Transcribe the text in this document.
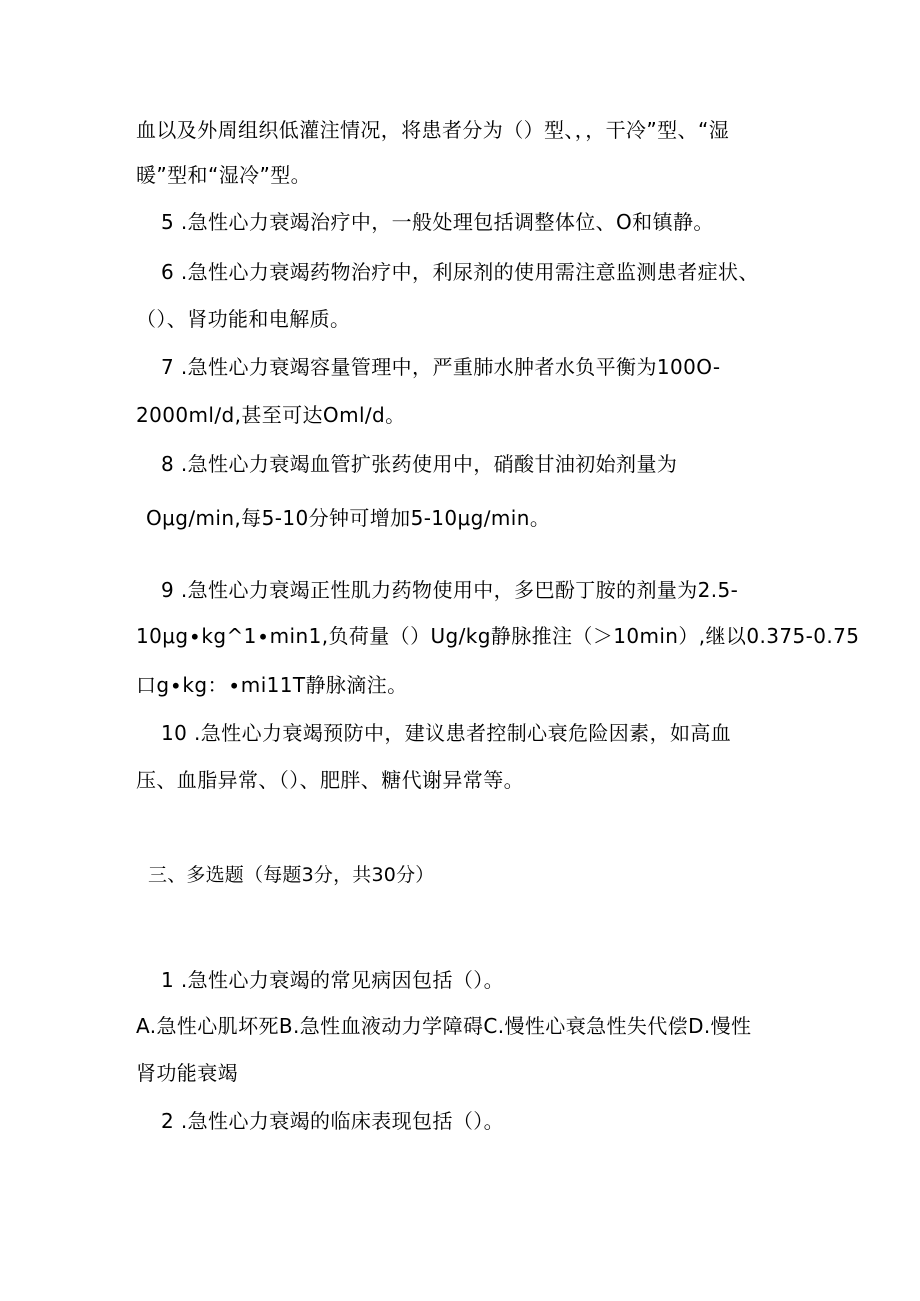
血以及外周组织低灌注情况，将患者分为（）型、，，干冷”型、“湿
暖”型和“湿冷”型。
5 .急性心力衰竭治疗中，一般处理包括调整体位、O和镇静。
6 .急性心力衰竭药物治疗中，利尿剂的使用需注意监测患者症状、
（）、肾功能和电解质。
7 .急性心力衰竭容量管理中，严重肺水肿者水负平衡为100O-
2000ml∕d,甚至可达Oml∕d。
8 .急性心力衰竭血管扩张药使用中，硝酸甘油初始剂量为
Oμg∕min,每5-10分钟可增加5-10μg∕min。
9 .急性心力衰竭正性肌力药物使用中，多巴酚丁胺的剂量为2.5-
10μg∙kg^1∙min1,负荷量（）Ug/kg静脉推注（＞10min）,继以0.375-0.75
口g∙kg：∙mi11T静脉滴注。
10 .急性心力衰竭预防中，建议患者控制心衰危险因素，如高血
压、血脂异常、（）、肥胖、糖代谢异常等。
三、多选题（每题3分，共30分）
1 .急性心力衰竭的常见病因包括（）。
A.急性心肌坏死B.急性血液动力学障碍C.慢性心衰急性失代偿D.慢性
肾功能衰竭
2 .急性心力衰竭的临床表现包括（）。
